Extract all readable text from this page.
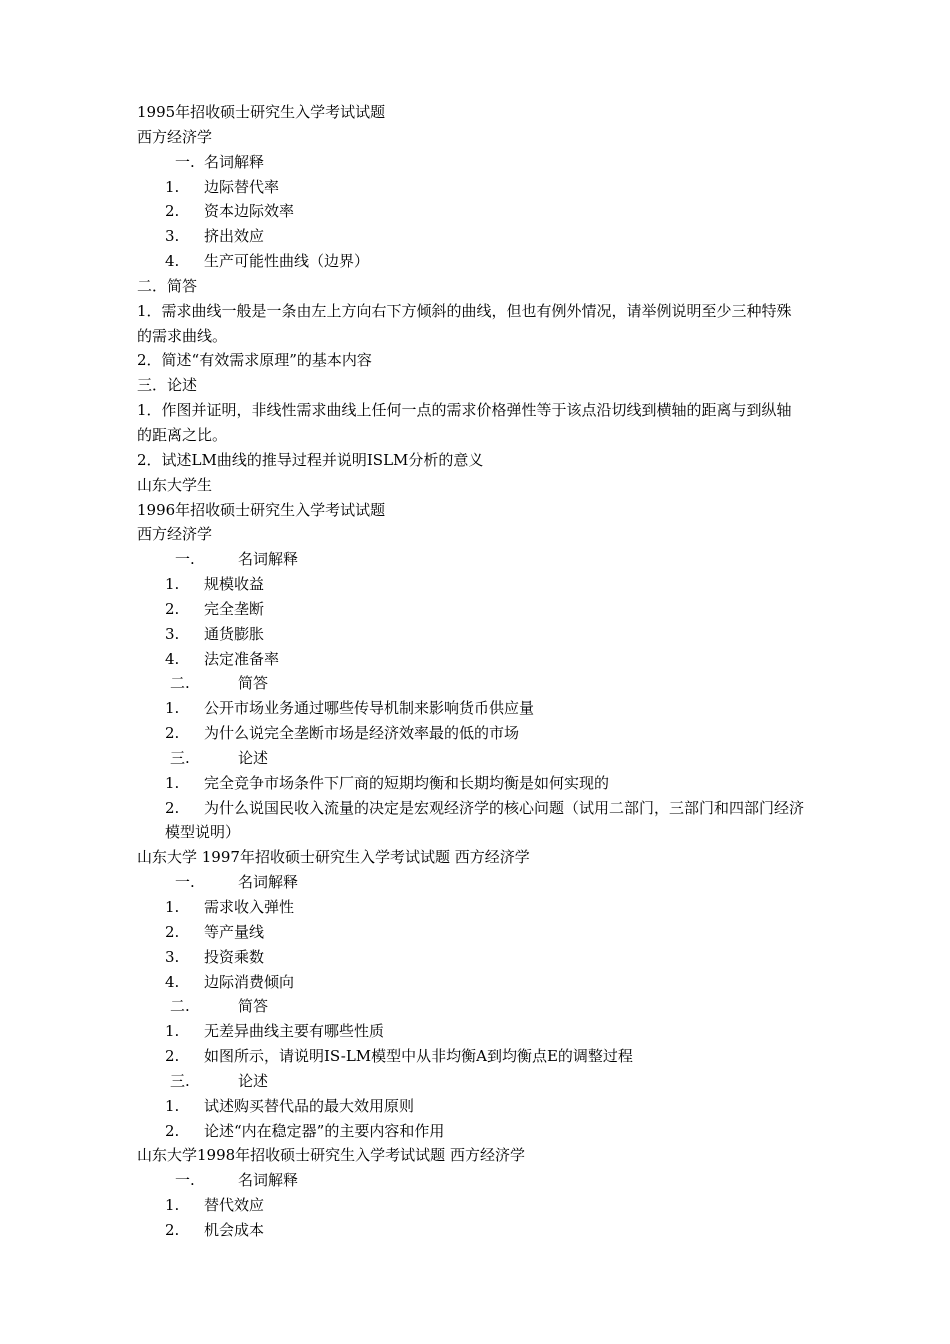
1995年招收硕士研究生入学考试试题
西方经济学
一. 名词解释
1. 边际替代率
2. 资本边际效率
3. 挤出效应
4. 生产可能性曲线（边界）
二．简答
1．需求曲线一般是一条由左上方向右下方倾斜的曲线，但也有例外情况，请举例说明至少三种特殊的需求曲线。
2．简述“有效需求原理”的基本内容
三．论述
1．作图并证明，非线性需求曲线上任何一点的需求价格弹性等于该点沿切线到横轴的距离与到纵轴的距离之比。
2．试述LM曲线的推导过程并说明ISLM分析的意义
山东大学生
1996年招收硕士研究生入学考试试题
西方经济学
一.	名词解释
1. 规模收益
2. 完全垄断
3. 通货膨胀
4. 法定准备率
二.	简答
1. 公开市场业务通过哪些传导机制来影响货币供应量
2. 为什么说完全垄断市场是经济效率最的低的市场
三.	论述
1. 完全竞争市场条件下厂商的短期均衡和长期均衡是如何实现的
2. 为什么说国民收入流量的决定是宏观经济学的核心问题（试用二部门，三部门和四部门经济模型说明）
山东大学 1997年招收硕士研究生入学考试试题 西方经济学
一.	名词解释
1. 需求收入弹性
2. 等产量线
3. 投资乘数
4. 边际消费倾向
二.	简答
1. 无差异曲线主要有哪些性质
2. 如图所示，请说明IS-LM模型中从非均衡A到均衡点E的调整过程
三.	论述
1. 试述购买替代品的最大效用原则
2. 论述“内在稳定器”的主要内容和作用
山东大学1998年招收硕士研究生入学考试试题 西方经济学
一.	名词解释
1. 替代效应
2. 机会成本
